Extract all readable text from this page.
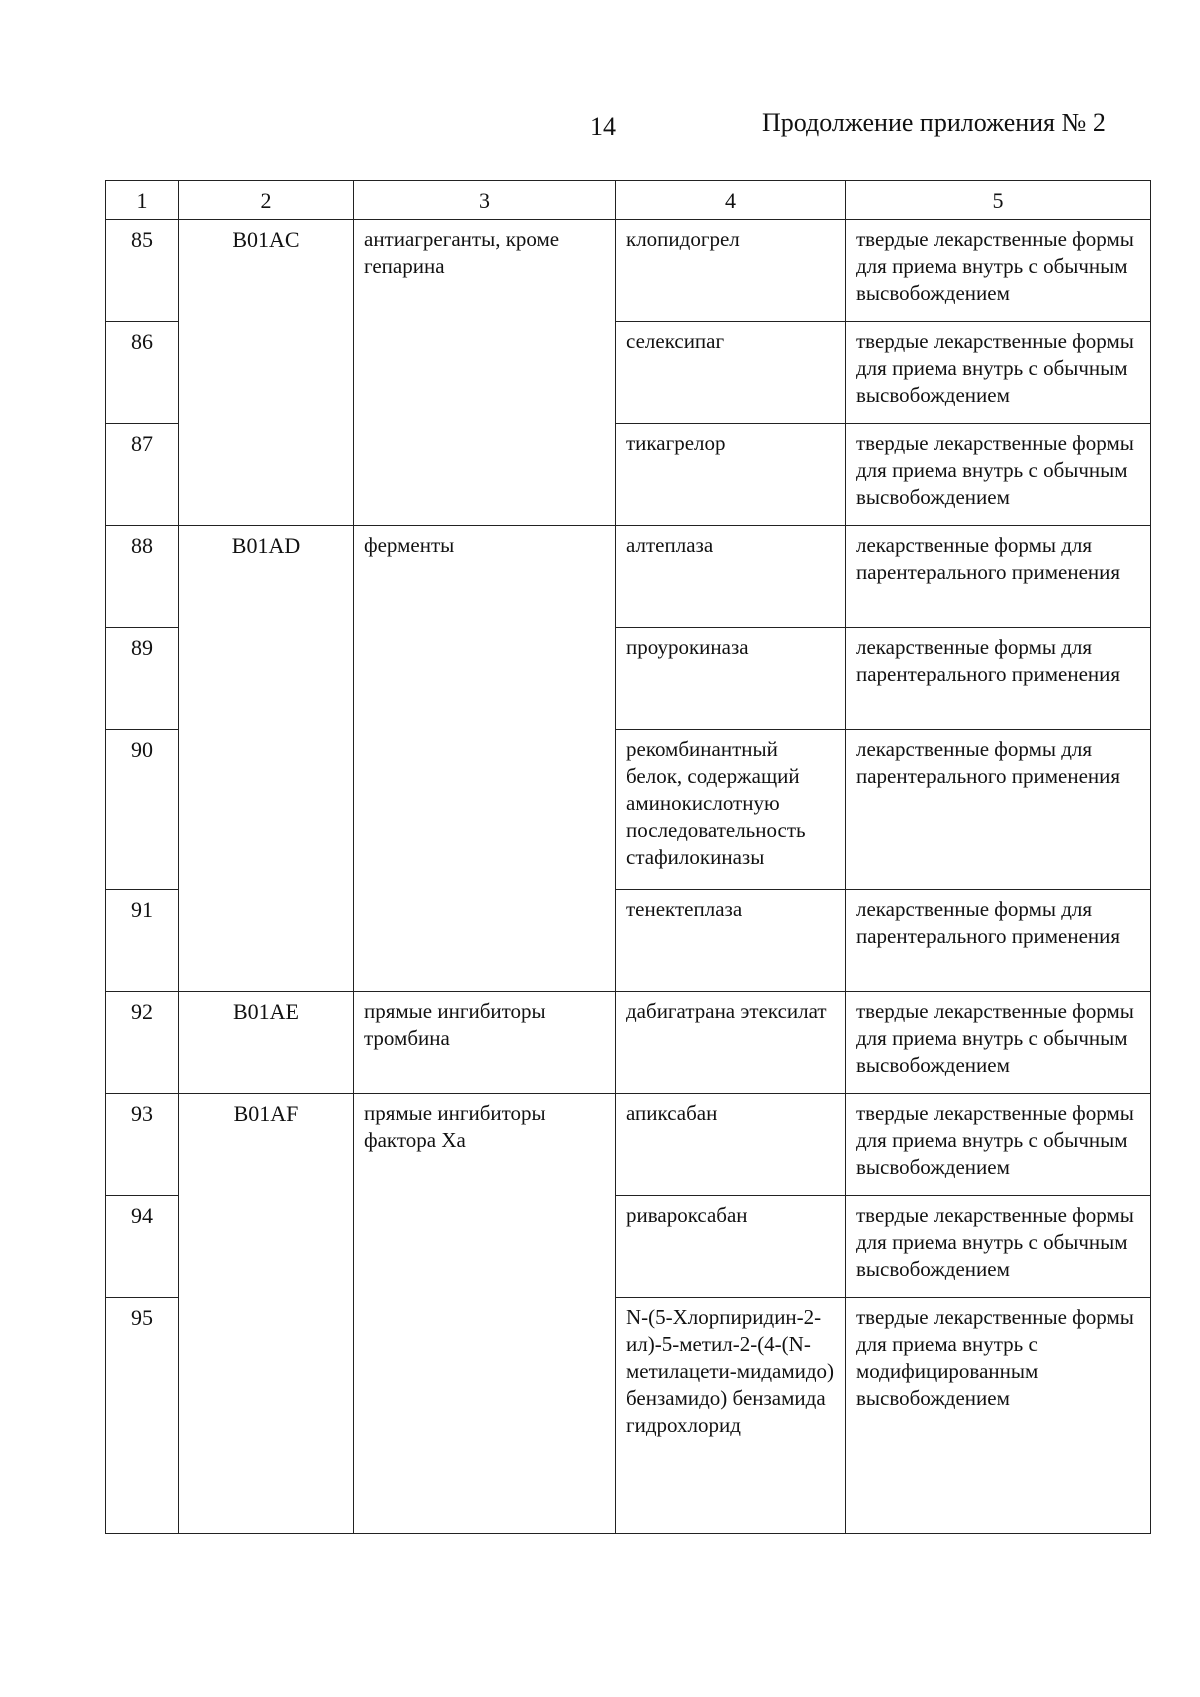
14	Продолжение приложения № 2
1	2	3	4	5
85	B01AC	антиагреганты, кроме гепарина	клопидогрел	твердые лекарственные формы для приема внутрь с обычным высвобождением
86			селексипаг	твердые лекарственные формы для приема внутрь с обычным высвобождением
87			тикагрелор	твердые лекарственные формы для приема внутрь с обычным высвобождением
88	B01AD	ферменты	алтеплаза	лекарственные формы для парентерального применения
89			проурокиназа	лекарственные формы для парентерального применения
90			рекомбинантный белок, содержащий аминокислотную последовательность стафилокиназы	лекарственные формы для парентерального применения
91			тенектеплаза	лекарственные формы для парентерального применения
92	B01AE	прямые ингибиторы тромбина	дабигатрана этексилат	твердые лекарственные формы для приема внутрь с обычным высвобождением
93	B01AF	прямые ингибиторы фактора Ха	апиксабан	твердые лекарственные формы для приема внутрь с обычным высвобождением
94			ривароксабан	твердые лекарственные формы для приема внутрь с обычным высвобождением
95			N-(5-Хлорпиридин-2-ил)-5-метил-2-(4-(N-метилацети-мидамидо) бензамидо) бензамида гидрохлорид	твердые лекарственные формы для приема внутрь с модифицированным высвобождением
